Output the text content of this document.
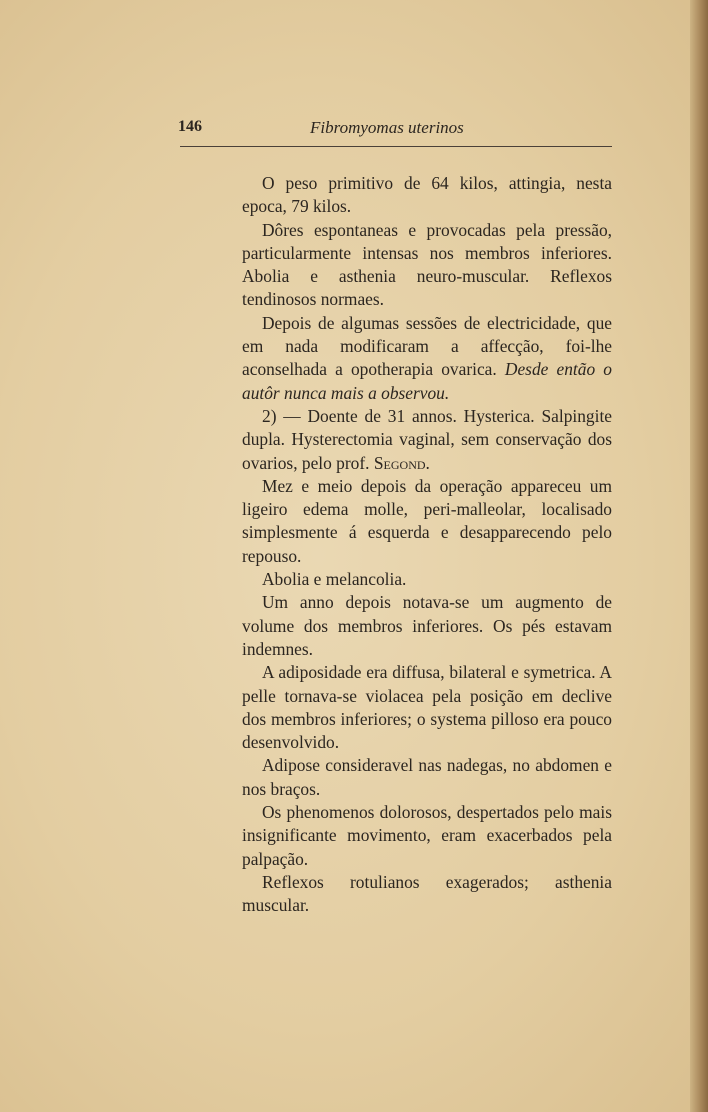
146	Fibromyomas uterinos

O peso primitivo de 64 kilos, attingia, nesta epoca, 79 kilos.

Dôres espontaneas e provocadas pela pressão, particularmente intensas nos membros inferiores. Abolia e asthenia neuro-muscular. Reflexos tendinosos normaes.

Depois de algumas sessões de electricidade, que em nada modificaram a affecção, foi-lhe aconselhada a opotherapia ovarica. Desde então o autôr nunca mais a observou.

2) — Doente de 31 annos. Hysterica. Salpingite dupla. Hysterectomia vaginal, sem conservação dos ovarios, pelo prof. Segond.

Mez e meio depois da operação appareceu um ligeiro edema molle, peri-malleolar, localisado simplesmente á esquerda e desapparecendo pelo repouso.

Abolia e melancolia.

Um anno depois notava-se um augmento de volume dos membros inferiores. Os pés estavam indemnes.

A adiposidade era diffusa, bilateral e symetrica. A pelle tornava-se violacea pela posição em declive dos membros inferiores; o systema pilloso era pouco desenvolvido.

Adipose consideravel nas nadegas, no abdomen e nos braços.

Os phenomenos dolorosos, despertados pelo mais insignificante movimento, eram exacerbados pela palpação.

Reflexos rotulianos exagerados; asthenia muscular.
